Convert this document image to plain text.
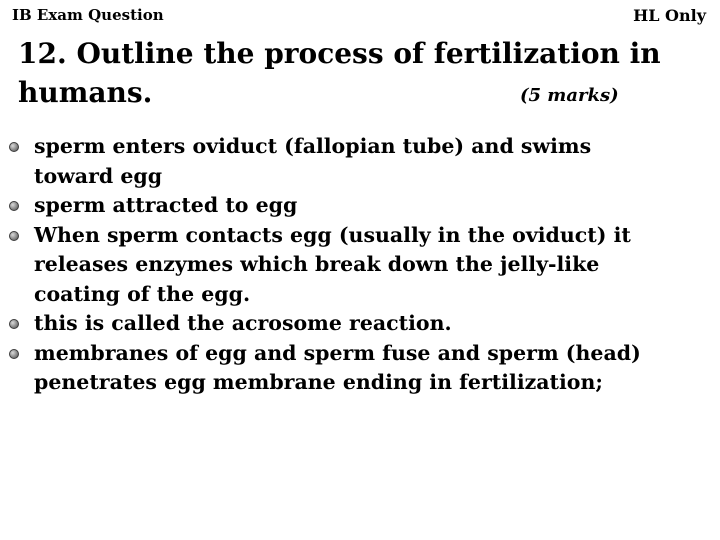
IB Exam Question	HL Only
12. Outline the process of fertilization in
humans.	(5 marks)
sperm enters oviduct (fallopian tube) and swims
toward egg
sperm attracted to egg
When sperm contacts egg (usually in the oviduct) it
releases enzymes which break down the jelly-like
coating of the egg.
this is called the acrosome reaction.
membranes of egg and sperm fuse and sperm (head)
penetrates egg membrane ending in fertilization;
